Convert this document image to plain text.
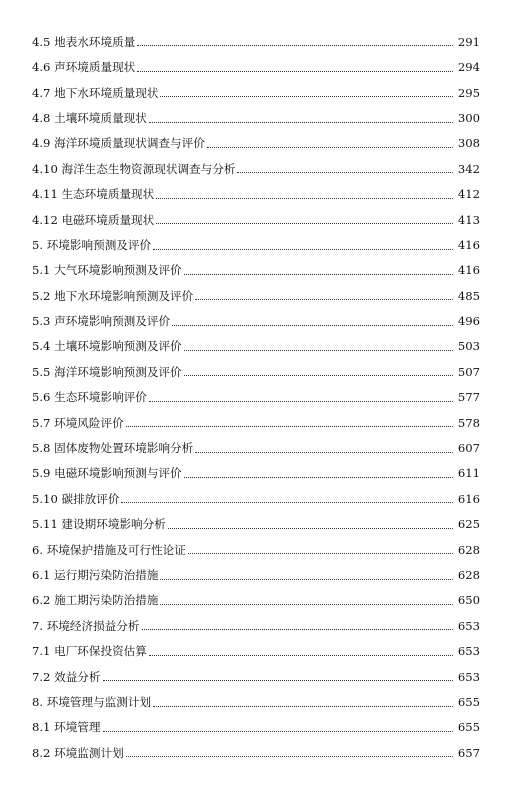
4.5 地表水环境质量	291
4.6 声环境质量现状	294
4.7 地下水环境质量现状	295
4.8 土壤环境质量现状	300
4.9 海洋环境质量现状调查与评价	308
4.10 海洋生态生物资源现状调查与分析	342
4.11 生态环境质量现状	412
4.12 电磁环境质量现状	413
5. 环境影响预测及评价	416
5.1 大气环境影响预测及评价	416
5.2 地下水环境影响预测及评价	485
5.3 声环境影响预测及评价	496
5.4 土壤环境影响预测及评价	503
5.5 海洋环境影响预测及评价	507
5.6 生态环境影响评价	577
5.7 环境风险评价	578
5.8 固体废物处置环境影响分析	607
5.9 电磁环境影响预测与评价	611
5.10 碳排放评价	616
5.11 建设期环境影响分析	625
6. 环境保护措施及可行性论证	628
6.1 运行期污染防治措施	628
6.2 施工期污染防治措施	650
7. 环境经济损益分析	653
7.1 电厂环保投资估算	653
7.2 效益分析	653
8. 环境管理与监测计划	655
8.1 环境管理	655
8.2 环境监测计划	657
